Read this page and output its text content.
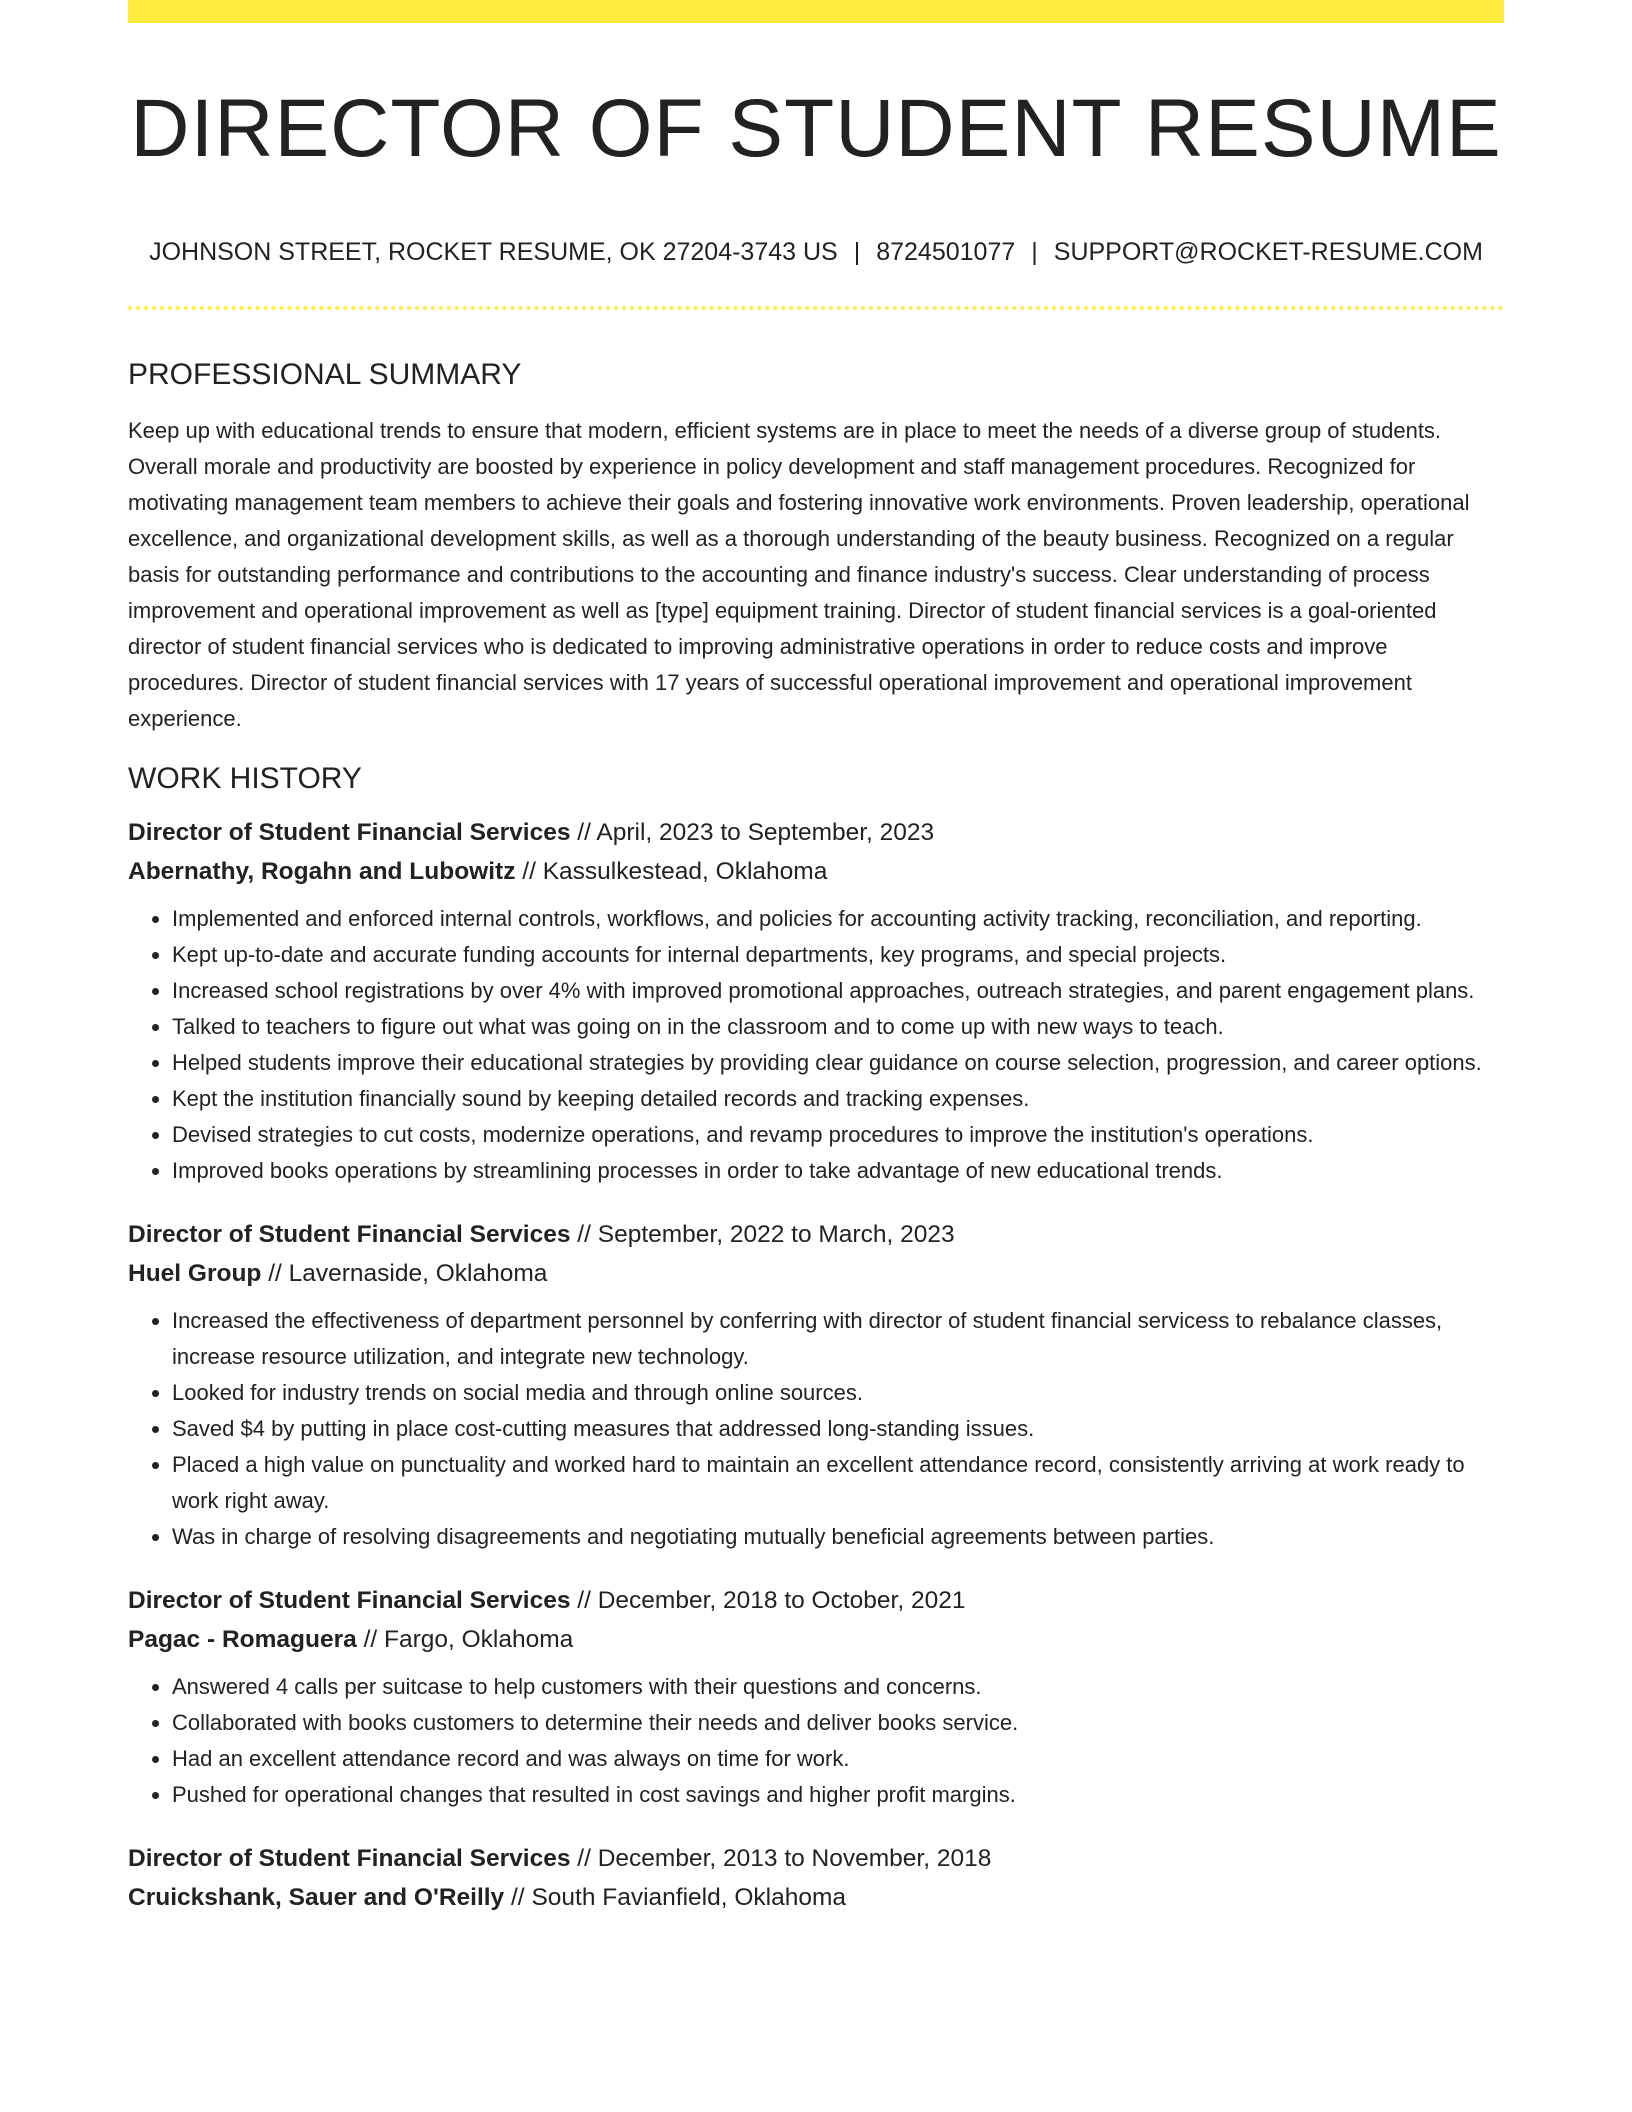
DIRECTOR OF STUDENT RESUME
JOHNSON STREET, ROCKET RESUME, OK 27204-3743 US | 8724501077 | SUPPORT@ROCKET-RESUME.COM
PROFESSIONAL SUMMARY

Keep up with educational trends to ensure that modern, efficient systems are in place to meet the needs of a diverse group of students. Overall morale and productivity are boosted by experience in policy development and staff management procedures. Recognized for motivating management team members to achieve their goals and fostering innovative work environments. Proven leadership, operational excellence, and organizational development skills, as well as a thorough understanding of the beauty business. Recognized on a regular basis for outstanding performance and contributions to the accounting and finance industry's success. Clear understanding of process improvement and operational improvement as well as [type] equipment training. Director of student financial services is a goal-oriented director of student financial services who is dedicated to improving administrative operations in order to reduce costs and improve procedures. Director of student financial services with 17 years of successful operational improvement and operational improvement experience.

WORK HISTORY
Director of Student Financial Services // April, 2023 to September, 2023
Abernathy, Rogahn and Lubowitz // Kassulkestead, Oklahoma
• Implemented and enforced internal controls, workflows, and policies for accounting activity tracking, reconciliation, and reporting.
• Kept up-to-date and accurate funding accounts for internal departments, key programs, and special projects.
• Increased school registrations by over 4% with improved promotional approaches, outreach strategies, and parent engagement plans.
• Talked to teachers to figure out what was going on in the classroom and to come up with new ways to teach.
• Helped students improve their educational strategies by providing clear guidance on course selection, progression, and career options.
• Kept the institution financially sound by keeping detailed records and tracking expenses.
• Devised strategies to cut costs, modernize operations, and revamp procedures to improve the institution's operations.
• Improved books operations by streamlining processes in order to take advantage of new educational trends.
Director of Student Financial Services // September, 2022 to March, 2023
Huel Group // Lavernaside, Oklahoma
• Increased the effectiveness of department personnel by conferring with director of student financial servicess to rebalance classes, increase resource utilization, and integrate new technology.
• Looked for industry trends on social media and through online sources.
• Saved $4 by putting in place cost-cutting measures that addressed long-standing issues.
• Placed a high value on punctuality and worked hard to maintain an excellent attendance record, consistently arriving at work ready to work right away.
• Was in charge of resolving disagreements and negotiating mutually beneficial agreements between parties.
Director of Student Financial Services // December, 2018 to October, 2021
Pagac - Romaguera // Fargo, Oklahoma
• Answered 4 calls per suitcase to help customers with their questions and concerns.
• Collaborated with books customers to determine their needs and deliver books service.
• Had an excellent attendance record and was always on time for work.
• Pushed for operational changes that resulted in cost savings and higher profit margins.
Director of Student Financial Services // December, 2013 to November, 2018
Cruickshank, Sauer and O'Reilly // South Favianfield, Oklahoma
